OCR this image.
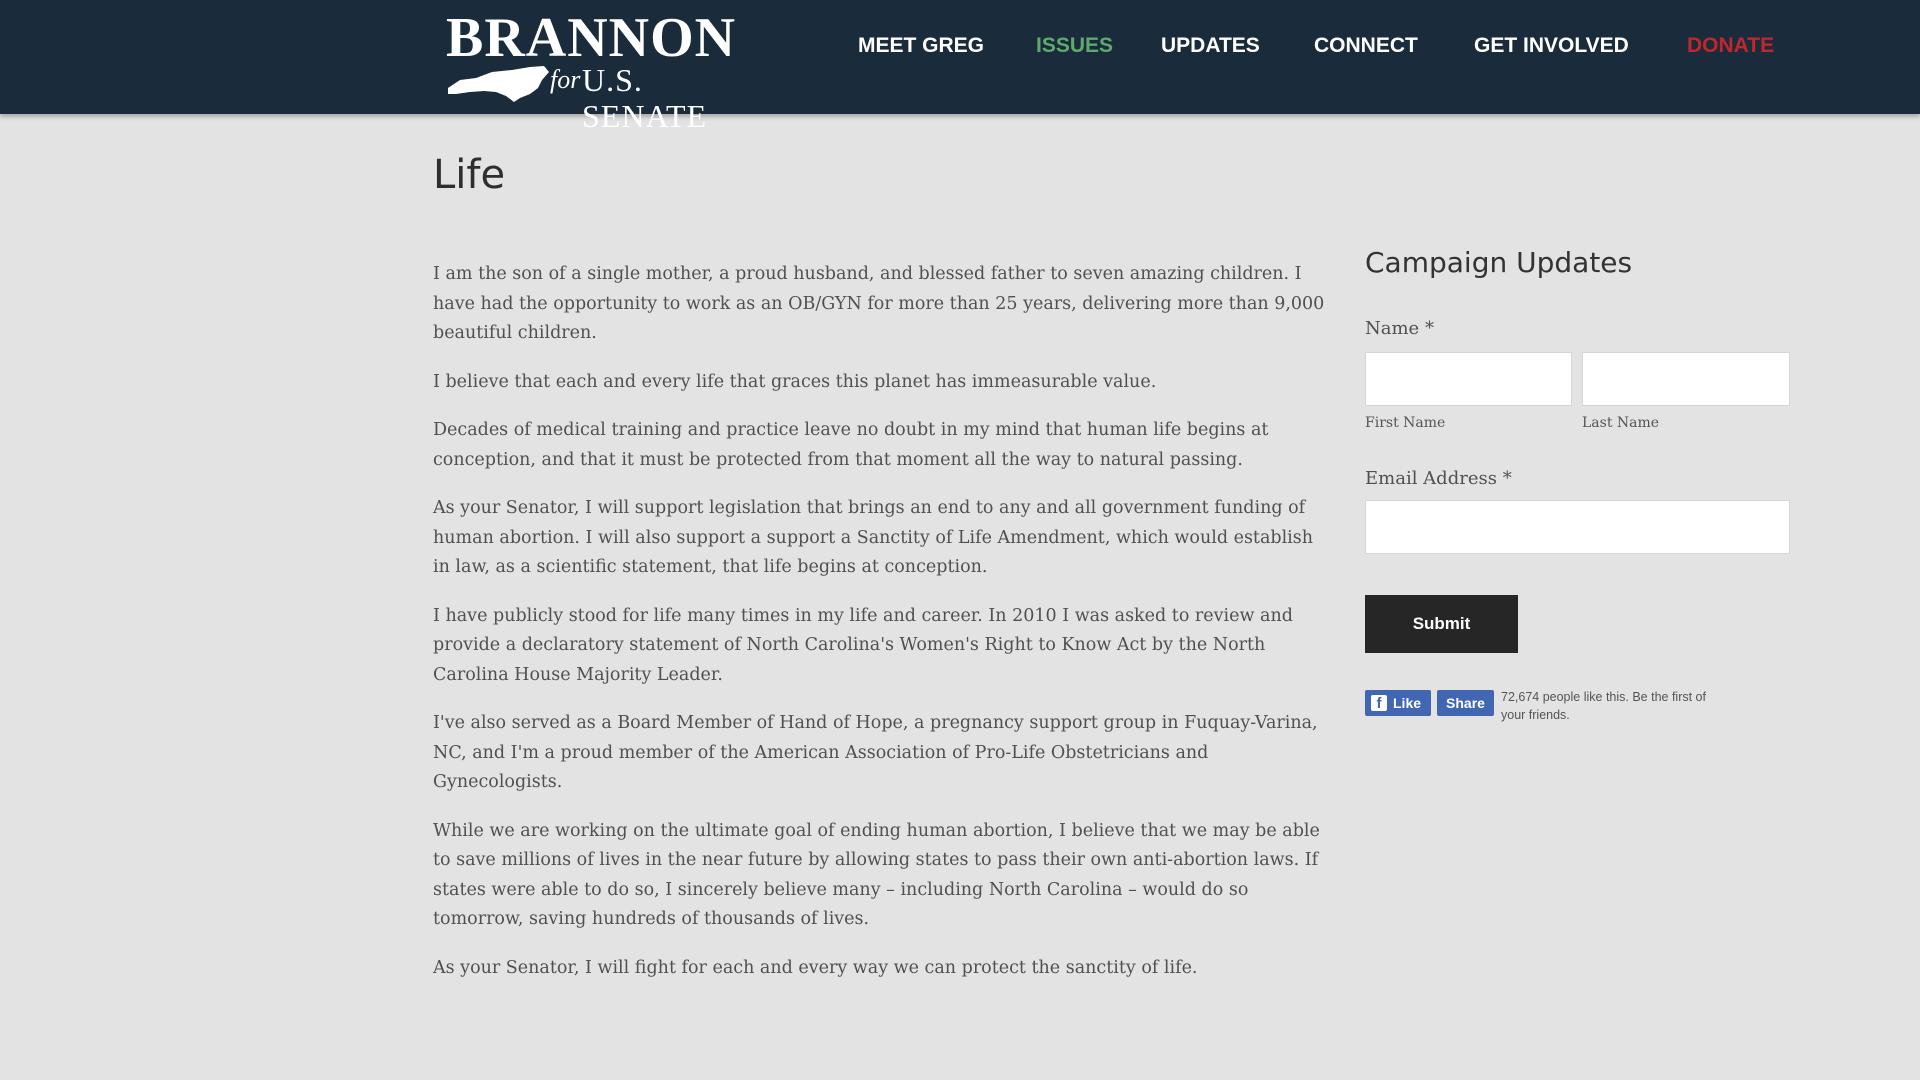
BRANNON
for U.S. SENATE
MEET GREG ISSUES UPDATES	CONNECT	GET INVOLVED	DONATE
Life

I am the son of a single mother, a proud husband, and blessed father to seven amazing children. I have had the opportunity to work as an OB/GYN for more than 25 years, delivering more than 9,000 beautiful children.

I believe that each and every life that graces this planet has immeasurable value.

Decades of medical training and practice leave no doubt in my mind that human life begins at conception, and that it must be protected from that moment all the way to natural passing.

As your Senator, I will support legislation that brings an end to any and all government funding of human abortion. I will also support a support a Sanctity of Life Amendment, which would establish in law, as a scientific statement, that life begins at conception.

I have publicly stood for life many times in my life and career. In 2010 I was asked to review and provide a declaratory statement of North Carolina's Women's Right to Know Act by the North Carolina House Majority Leader.

I've also served as a Board Member of Hand of Hope, a pregnancy support group in Fuquay-Varina, NC, and I'm a proud member of the American Association of Pro-Life Obstetricians and Gynecologists.

While we are working on the ultimate goal of ending human abortion, I believe that we may be able to save millions of lives in the near future by allowing states to pass their own anti-abortion laws. If states were able to do so, I sincerely believe many – including North Carolina – would do so tomorrow, saving hundreds of thousands of lives.

As your Senator, I will fight for each and every way we can protect the sanctity of life.

Campaign Updates
Name *
First Name	Last Name
Email Address *
Submit
f Like	Share	72,674 people like this. Be the first of your friends.
